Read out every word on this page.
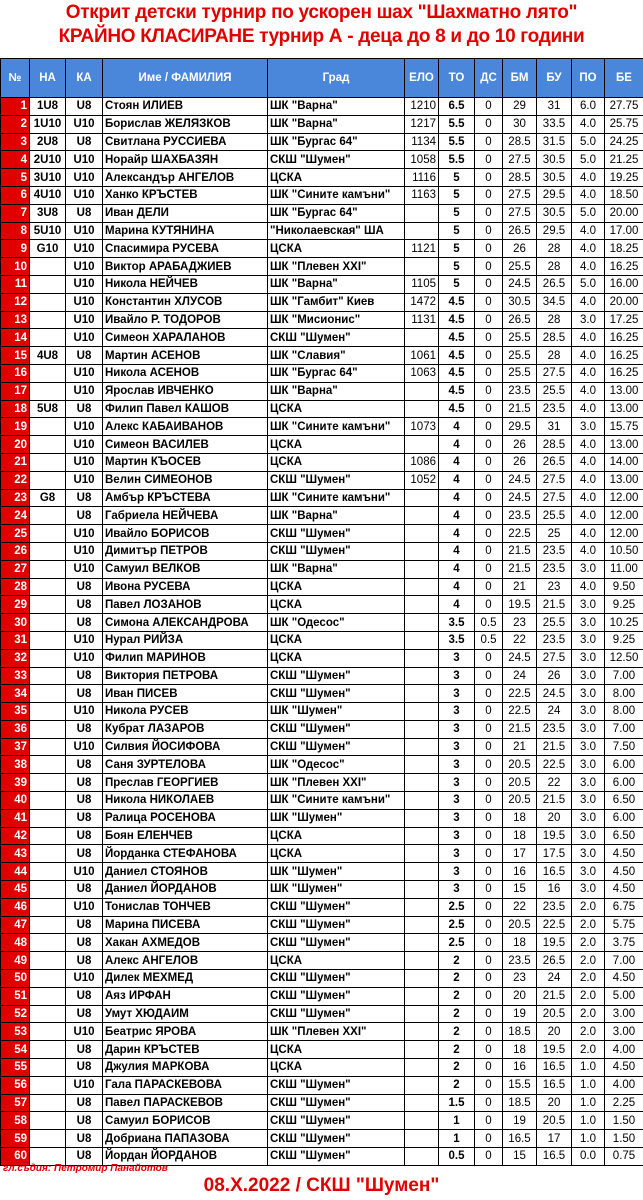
Открит детски турнир по ускорен шах "Шахматно лято"
КРАЙНО КЛАСИРАНЕ турнир А - деца до 8 и до 10 години
№	НА	КА	Име / ФАМИЛИЯ	Град	ЕЛО	ТО	ДС	БМ	БУ	ПО	БЕ
1	1U8	U8	Стоян ИЛИЕВ	ШК "Варна"	1210	6.5	0	29	31	6.0	27.75
2	1U10	U10	Борислав ЖЕЛЯЗКОВ	ШК "Варна"	1217	5.5	0	30	33.5	4.0	25.75
3	2U8	U8	Свитлана РУССИЕВА	ШК "Бургас 64"	1134	5.5	0	28.5	31.5	5.0	24.25
4	2U10	U10	Норайр ШАХБАЗЯН	СКШ "Шумен"	1058	5.5	0	27.5	30.5	5.0	21.25
5	3U10	U10	Александър АНГЕЛОВ	ЦСКА	1116	5	0	28.5	30.5	4.0	19.25
6	4U10	U10	Ханко КРЪСТЕВ	ШК "Сините камъни"	1163	5	0	27.5	29.5	4.0	18.50
7	3U8	U8	Иван ДЕЛИ	ШК "Бургас 64"		5	0	27.5	30.5	5.0	20.00
8	5U10	U10	Марина КУТЯНИНА	"Николаевская" ША		5	0	26.5	29.5	4.0	17.00
9	G10	U10	Спасимира РУСЕВА	ЦСКА	1121	5	0	26	28	4.0	18.25
10		U10	Виктор АРАБАДЖИЕВ	ШК "Плевен XXI"		5	0	25.5	28	4.0	16.25
11		U10	Никола НЕЙЧЕВ	ШК "Варна"	1105	5	0	24.5	26.5	5.0	16.00
12		U10	Константин ХЛУСОВ	ШК "Гамбит" Киев	1472	4.5	0	30.5	34.5	4.0	20.00
13		U10	Ивайло Р. ТОДОРОВ	ШК "Мисионис"	1131	4.5	0	26.5	28	3.0	17.25
14		U10	Симеон ХАРАЛАНОВ	СКШ "Шумен"		4.5	0	25.5	28.5	4.0	16.25
15	4U8	U8	Мартин АСЕНОВ	ШК "Славия"	1061	4.5	0	25.5	28	4.0	16.25
16		U10	Никола АСЕНОВ	ШК "Бургас 64"	1063	4.5	0	25.5	27.5	4.0	16.25
17		U10	Ярослав ИВЧЕНКО	ШК "Варна"		4.5	0	23.5	25.5	4.0	13.00
18	5U8	U8	Филип Павел КАШОВ	ЦСКА		4.5	0	21.5	23.5	4.0	13.00
19		U10	Алекс КАБАИВАНОВ	ШК "Сините камъни"	1073	4	0	29.5	31	3.0	15.75
20		U10	Симеон ВАСИЛЕВ	ЦСКА		4	0	26	28.5	4.0	13.00
21		U10	Мартин КЪОСЕВ	ЦСКА	1086	4	0	26	26.5	4.0	14.00
22		U10	Велин СИМЕОНОВ	СКШ "Шумен"	1052	4	0	24.5	27.5	4.0	13.00
23	G8	U8	Амбър КРЪСТЕВА	ШК "Сините камъни"		4	0	24.5	27.5	4.0	12.00
24		U8	Габриела НЕЙЧЕВА	ШК "Варна"		4	0	23.5	25.5	4.0	12.00
25		U10	Ивайло БОРИСОВ	СКШ "Шумен"		4	0	22.5	25	4.0	12.00
26		U10	Димитър ПЕТРОВ	СКШ "Шумен"		4	0	21.5	23.5	4.0	10.50
27		U10	Самуил ВЕЛКОВ	ШК "Варна"		4	0	21.5	23.5	3.0	11.00
28		U8	Ивона РУСЕВА	ЦСКА		4	0	21	23	4.0	9.50
29		U8	Павел ЛОЗАНОВ	ЦСКА		4	0	19.5	21.5	3.0	9.25
30		U8	Симона АЛЕКСАНДРОВА	ШК "Одесос"		3.5	0.5	23	25.5	3.0	10.25
31		U10	Нурал РИЙЗА	ЦСКА		3.5	0.5	22	23.5	3.0	9.25
32		U10	Филип МАРИНОВ	ЦСКА		3	0	24.5	27.5	3.0	12.50
33		U8	Виктория ПЕТРОВА	СКШ "Шумен"		3	0	24	26	3.0	7.00
34		U8	Иван ПИСЕВ	СКШ "Шумен"		3	0	22.5	24.5	3.0	8.00
35		U10	Никола РУСЕВ	ШК "Шумен"		3	0	22.5	24	3.0	8.00
36		U8	Кубрат ЛАЗАРОВ	СКШ "Шумен"		3	0	21.5	23.5	3.0	7.00
37		U10	Силвия ЙОСИФОВА	СКШ "Шумен"		3	0	21	21.5	3.0	7.50
38		U8	Саня ЗУРТЕЛОВА	ШК "Одесос"		3	0	20.5	22.5	3.0	6.00
39		U8	Преслав ГЕОРГИЕВ	ШК "Плевен XXI"		3	0	20.5	22	3.0	6.00
40		U8	Никола НИКОЛАЕВ	ШК "Сините камъни"		3	0	20.5	21.5	3.0	6.50
41		U8	Ралица РОСЕНОВА	ШК "Шумен"		3	0	18	20	3.0	6.00
42		U8	Боян ЕЛЕНЧЕВ	ЦСКА		3	0	18	19.5	3.0	6.50
43		U8	Йорданка СТЕФАНОВА	ЦСКА		3	0	17	17.5	3.0	4.50
44		U10	Даниел СТОЯНОВ	ШК "Шумен"		3	0	16	16.5	3.0	4.50
45		U8	Даниел ЙОРДАНОВ	ШК "Шумен"		3	0	15	16	3.0	4.50
46		U10	Тонислав ТОНЧЕВ	СКШ "Шумен"		2.5	0	22	23.5	2.0	6.75
47		U8	Марина ПИСЕВА	СКШ "Шумен"		2.5	0	20.5	22.5	2.0	5.75
48		U8	Хакан АХМЕДОВ	СКШ "Шумен"		2.5	0	18	19.5	2.0	3.75
49		U8	Алекс АНГЕЛОВ	ЦСКА		2	0	23.5	26.5	2.0	7.00
50		U10	Дилек МЕХМЕД	СКШ "Шумен"		2	0	23	24	2.0	4.50
51		U8	Аяз ИРФАН	СКШ "Шумен"		2	0	20	21.5	2.0	5.00
52		U8	Умут ХЮДАИМ	СКШ "Шумен"		2	0	19	20.5	2.0	3.00
53		U10	Беатрис ЯРОВА	ШК "Плевен XXI"		2	0	18.5	20	2.0	3.00
54		U8	Дарин КРЪСТЕВ	ЦСКА		2	0	18	19.5	2.0	4.00
55		U8	Джулия МАРКОВА	ЦСКА		2	0	16	16.5	1.0	4.50
56		U10	Гала ПАРАСКЕВОВА	СКШ "Шумен"		2	0	15.5	16.5	1.0	4.00
57		U8	Павел ПАРАСКЕВОВ	СКШ "Шумен"		1.5	0	18.5	20	1.0	2.25
58		U8	Самуил БОРИСОВ	СКШ "Шумен"		1	0	19	20.5	1.0	1.50
59		U8	Добриана ПАПАЗОВА	СКШ "Шумен"		1	0	16.5	17	1.0	1.50
60		U8	Йордан ЙОРДАНОВ	СКШ "Шумен"		0.5	0	15	16.5	0.0	0.75
гл.съдия: Петромир Панайотов
08.X.2022 / СКШ "Шумен"
